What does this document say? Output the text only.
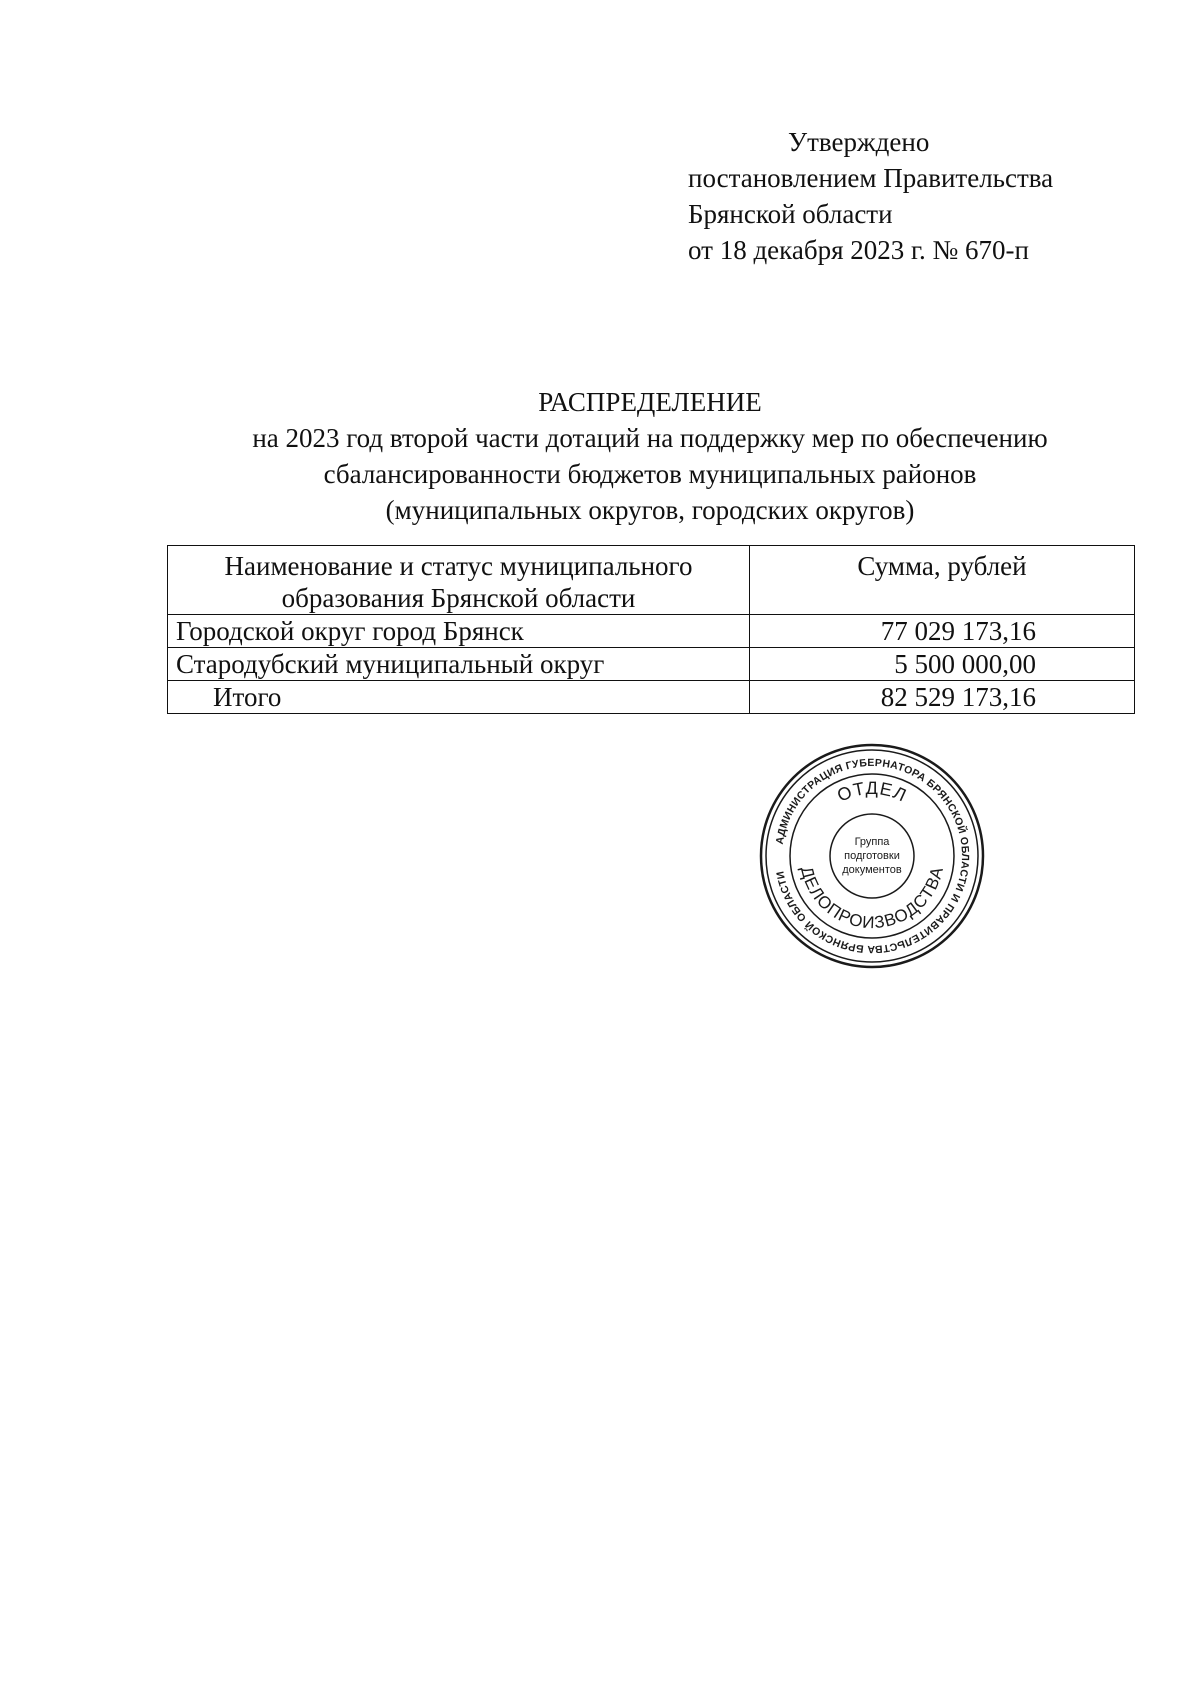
Утверждено
постановлением Правительства
Брянской области
от 18 декабря 2023 г. № 670-п
РАСПРЕДЕЛЕНИЕ
на 2023 год второй части дотаций на поддержку мер по обеспечению
сбалансированности бюджетов муниципальных районов
(муниципальных округов, городских округов)
Наименование и статус муниципального образования Брянской области	Сумма, рублей
Городской округ город Брянск	77 029 173,16
Стародубский муниципальный округ	5 500 000,00
Итого	82 529 173,16
АДМИНИСТРАЦИЯ ГУБЕРНАТОРА БРЯНСКОЙ ОБЛАСТИ И ПРАВИТЕЛЬСТВА БРЯНСКОЙ ОБЛАСТИ
ОТДЕЛ
ДЕЛОПРОИЗВОДСТВА
Группа
подготовки
документов
